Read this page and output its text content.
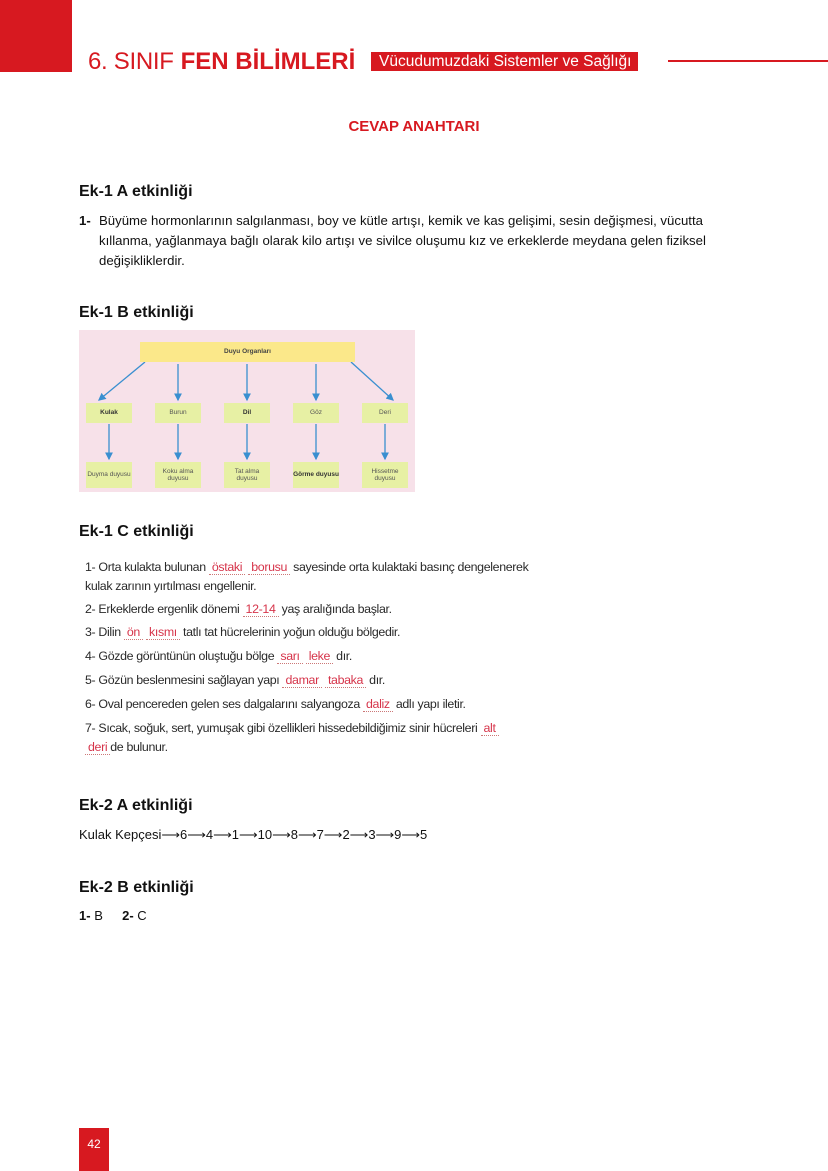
6. SINIF FEN BİLİMLERİ	Vücudumuzdaki Sistemler ve Sağlığı
CEVAP ANAHTARI
Ek-1 A etkinliği
1- Büyüme hormonlarının salgılanması, boy ve kütle artışı, kemik ve kas gelişimi, sesin değişmesi, vücutta kıllanma, yağlanmaya bağlı olarak kilo artışı ve sivilce oluşumu kız ve erkeklerde meydana gelen fiziksel değişikliklerdir.
Ek-1 B etkinliği
Duyu Organları
Kulak	Burun	Dil	Göz	Deri
Duyma duyusu
Koku alma duyusu
Tat alma duyusu
Görme duyusu
Hissetme duyusu
Ek-1 C etkinliği
1- Orta kulakta bulunan östaki borusu sayesinde orta kulaktaki basınç dengelenerek
kulak zarının yırtılması engellenir.
2- Erkeklerde ergenlik dönemi 12-14 yaş aralığında başlar.
3- Dilin ön kısmı tatlı tat hücrelerinin yoğun olduğu bölgedir.
4- Gözde görüntünün oluştuğu bölge sarı leke dır.
5- Gözün beslenmesini sağlayan yapı damar tabaka dır.
6- Oval pencereden gelen ses dalgalarını salyangoza daliz adlı yapı iletir.
7- Sıcak, soğuk, sert, yumuşak gibi özellikleri hissedebildiğimiz sinir hücreleri alt
deri de bulunur.
Ek-2 A etkinliği
Kulak Kepçesi⟶6⟶4⟶1⟶10⟶8⟶7⟶2⟶3⟶9⟶5
Ek-2 B etkinliği
1- B 2- C
42
